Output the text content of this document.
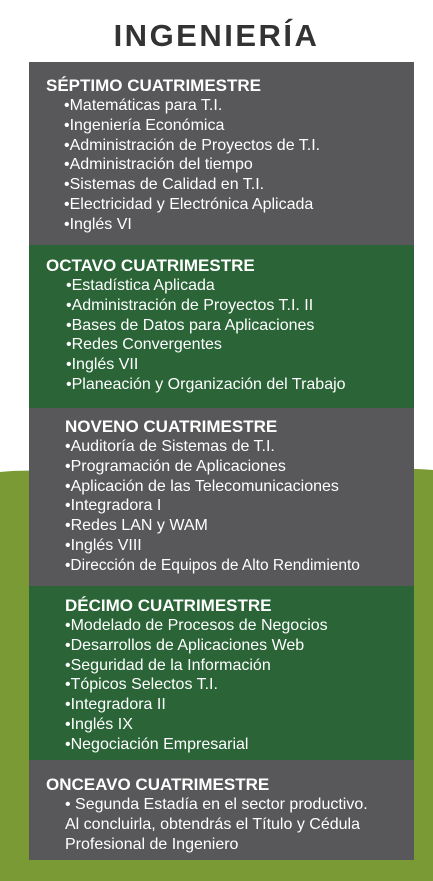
INGENIERÍA
SÉPTIMO CUATRIMESTRE
•Matemáticas para T.I.
•Ingeniería Económica
•Administración de Proyectos de T.I.
•Administración del tiempo
•Sistemas de Calidad en T.I.
•Electricidad y Electrónica Aplicada
•Inglés VI
OCTAVO CUATRIMESTRE
•Estadística Aplicada
•Administración de Proyectos T.I. II
•Bases de Datos para Aplicaciones
•Redes Convergentes
•Inglés VII
•Planeación y Organización del Trabajo
NOVENO CUATRIMESTRE
•Auditoría de Sistemas de T.I.
•Programación de Aplicaciones
•Aplicación de las Telecomunicaciones
•Integradora I
•Redes LAN y WAM
•Inglés VIII
•Dirección de Equipos de Alto Rendimiento
DÉCIMO CUATRIMESTRE
•Modelado de Procesos de Negocios
•Desarrollos de Aplicaciones Web
•Seguridad de la Información
•Tópicos Selectos T.I.
•Integradora II
•Inglés IX
•Negociación Empresarial
ONCEAVO CUATRIMESTRE
• Segunda Estadía en el sector productivo.
Al concluirla, obtendrás el Título y Cédula
Profesional de Ingeniero
